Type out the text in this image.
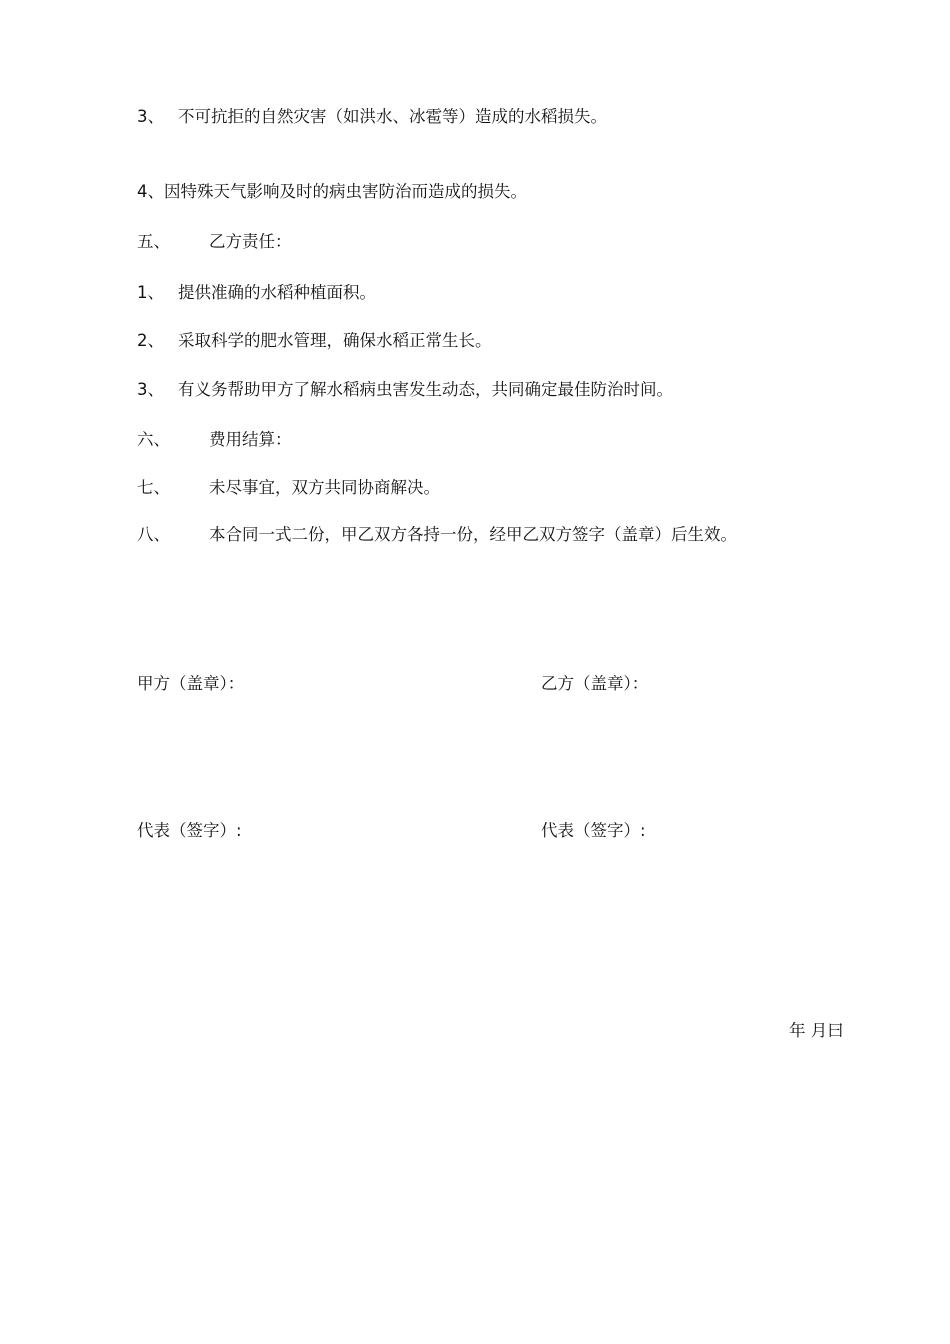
3、 不可抗拒的自然灾害（如洪水、冰雹等）造成的水稻损失。
4、因特殊天气影响及时的病虫害防治而造成的损失。
五、 乙方责任：
1、 提供准确的水稻种植面积。
2、 采取科学的肥水管理，确保水稻正常生长。
3、 有义务帮助甲方了解水稻病虫害发生动态，共同确定最佳防治时间。
六、 费用结算：
七、 未尽事宜，双方共同协商解决。
八、 本合同一式二份，甲乙双方各持一份，经甲乙双方签字（盖章）后生效。
甲方（盖章）：	乙方（盖章）：
代表（签字）:	代表（签字）:
年 月曰
